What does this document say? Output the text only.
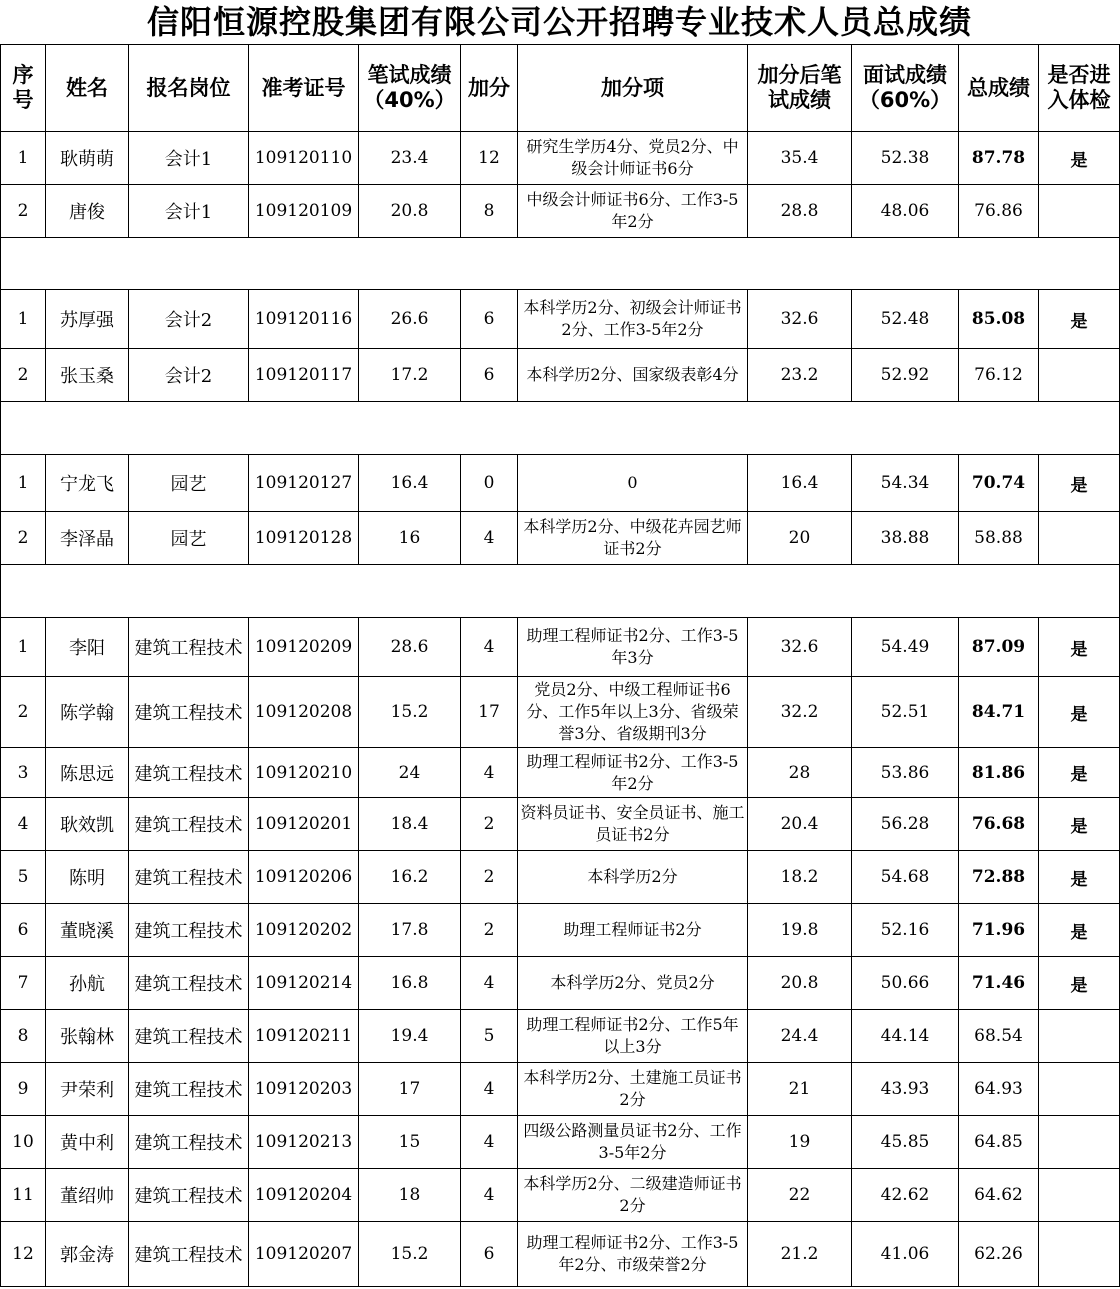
信阳恒源控股集团有限公司公开招聘专业技术人员总成绩
序号	姓名	报名岗位	准考证号	笔试成绩（40%）	加分	加分项	加分后笔试成绩	面试成绩（60%）	总成绩	是否进入体检
1	耿萌萌	会计1	109120110	23.4	12	研究生学历4分、党员2分、中级会计师证书6分	35.4	52.38	87.78	是
2	唐俊	会计1	109120109	20.8	8	中级会计师证书6分、工作3-5年2分	28.8	48.06	76.86	

1	苏厚强	会计2	109120116	26.6	6	本科学历2分、初级会计师证书2分、工作3-5年2分	32.6	52.48	85.08	是
2	张玉桑	会计2	109120117	17.2	6	本科学历2分、国家级表彰4分	23.2	52.92	76.12	

1	宁龙飞	园艺	109120127	16.4	0	0	16.4	54.34	70.74	是
2	李泽晶	园艺	109120128	16	4	本科学历2分、中级花卉园艺师证书2分	20	38.88	58.88	

1	李阳	建筑工程技术	109120209	28.6	4	助理工程师证书2分、工作3-5年3分	32.6	54.49	87.09	是
2	陈学翰	建筑工程技术	109120208	15.2	17	党员2分、中级工程师证书6分、工作5年以上3分、省级荣誉3分、省级期刊3分	32.2	52.51	84.71	是
3	陈思远	建筑工程技术	109120210	24	4	助理工程师证书2分、工作3-5年2分	28	53.86	81.86	是
4	耿效凯	建筑工程技术	109120201	18.4	2	资料员证书、安全员证书、施工员证书2分	20.4	56.28	76.68	是
5	陈明	建筑工程技术	109120206	16.2	2	本科学历2分	18.2	54.68	72.88	是
6	董晓溪	建筑工程技术	109120202	17.8	2	助理工程师证书2分	19.8	52.16	71.96	是
7	孙航	建筑工程技术	109120214	16.8	4	本科学历2分、党员2分	20.8	50.66	71.46	是
8	张翰林	建筑工程技术	109120211	19.4	5	助理工程师证书2分、工作5年以上3分	24.4	44.14	68.54	
9	尹荣利	建筑工程技术	109120203	17	4	本科学历2分、土建施工员证书2分	21	43.93	64.93	
10	黄中利	建筑工程技术	109120213	15	4	四级公路测量员证书2分、工作3-5年2分	19	45.85	64.85	
11	董绍帅	建筑工程技术	109120204	18	4	本科学历2分、二级建造师证书2分	22	42.62	64.62	
12	郭金涛	建筑工程技术	109120207	15.2	6	助理工程师证书2分、工作3-5年2分、市级荣誉2分	21.2	41.06	62.26	
